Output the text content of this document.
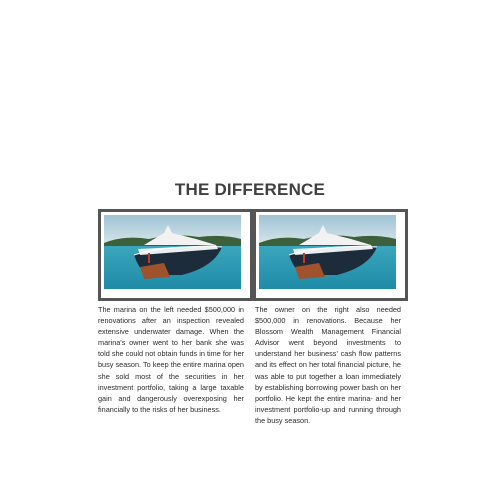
THE DIFFERENCE

The marina on the left needed $500,000 in renovations after an inspection revealed extensive underwater damage. When the marina's owner went to her bank she was told she could not obtain funds in time for her busy season. To keep the entire marina open she sold most of the securities in her investment portfolio, taking a large taxable gain and dangerously overexposing her financially to the risks of her business.

The owner on the right also needed $500,000 in renovations. Because her Blossom Wealth Management Financial Advisor went beyond investments to understand her business' cash flow patterns and its effect on her total financial picture, he was able to put together a loan immediately by establishing borrowing power bash on her portfolio. He kept the entire marina- and her investment portfolio-up and running through the busy season.
